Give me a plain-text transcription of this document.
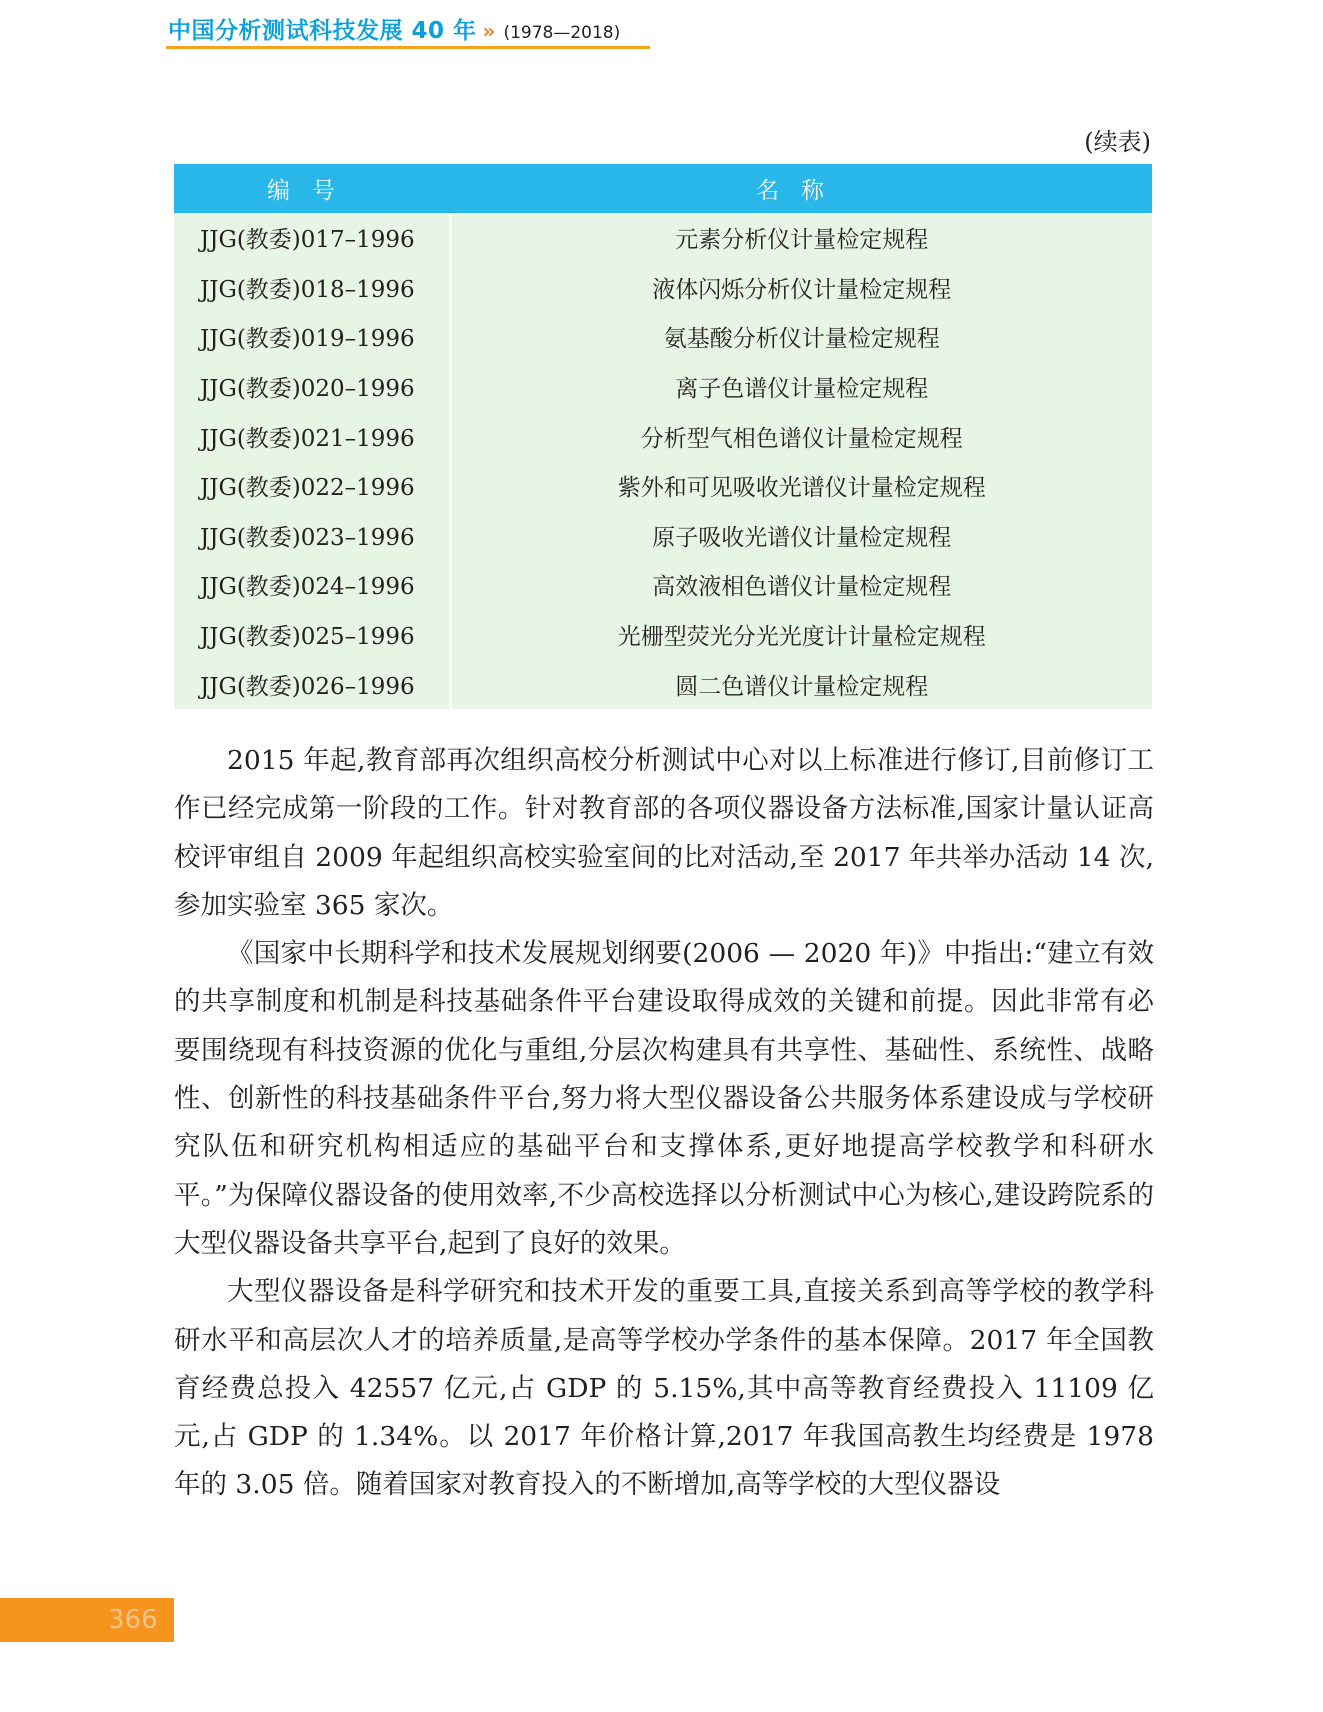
中国分析测试科技发展 40 年 » (1978—2018)
(续表)
编号	名称
JJG(教委)017–1996	元素分析仪计量检定规程
JJG(教委)018–1996	液体闪烁分析仪计量检定规程
JJG(教委)019–1996	氨基酸分析仪计量检定规程
JJG(教委)020–1996	离子色谱仪计量检定规程
JJG(教委)021–1996	分析型气相色谱仪计量检定规程
JJG(教委)022–1996	紫外和可见吸收光谱仪计量检定规程
JJG(教委)023–1996	原子吸收光谱仪计量检定规程
JJG(教委)024–1996	高效液相色谱仪计量检定规程
JJG(教委)025–1996	光栅型荧光分光光度计计量检定规程
JJG(教委)026–1996	圆二色谱仪计量检定规程

2015 年起,教育部再次组织高校分析测试中心对以上标准进行修订,目前修订工作已经完成第一阶段的工作。针对教育部的各项仪器设备方法标准,国家计量认证高校评审组自 2009 年起组织高校实验室间的比对活动,至 2017 年共举办活动 14 次,参加实验室 365 家次。

《国家中长期科学和技术发展规划纲要(2006 — 2020 年)》中指出:“建立有效的共享制度和机制是科技基础条件平台建设取得成效的关键和前提。因此非常有必要围绕现有科技资源的优化与重组,分层次构建具有共享性、基础性、系统性、战略性、创新性的科技基础条件平台,努力将大型仪器设备公共服务体系建设成与学校研究队伍和研究机构相适应的基础平台和支撑体系,更好地提高学校教学和科研水平。”为保障仪器设备的使用效率,不少高校选择以分析测试中心为核心,建设跨院系的大型仪器设备共享平台,起到了良好的效果。

大型仪器设备是科学研究和技术开发的重要工具,直接关系到高等学校的教学科研水平和高层次人才的培养质量,是高等学校办学条件的基本保障。2017 年全国教育经费总投入 42557 亿元,占 GDP 的 5.15%,其中高等教育经费投入 11109 亿元,占 GDP 的 1.34%。以 2017 年价格计算,2017 年我国高教生均经费是 1978 年的 3.05 倍。随着国家对教育投入的不断增加,高等学校的大型仪器设

366
